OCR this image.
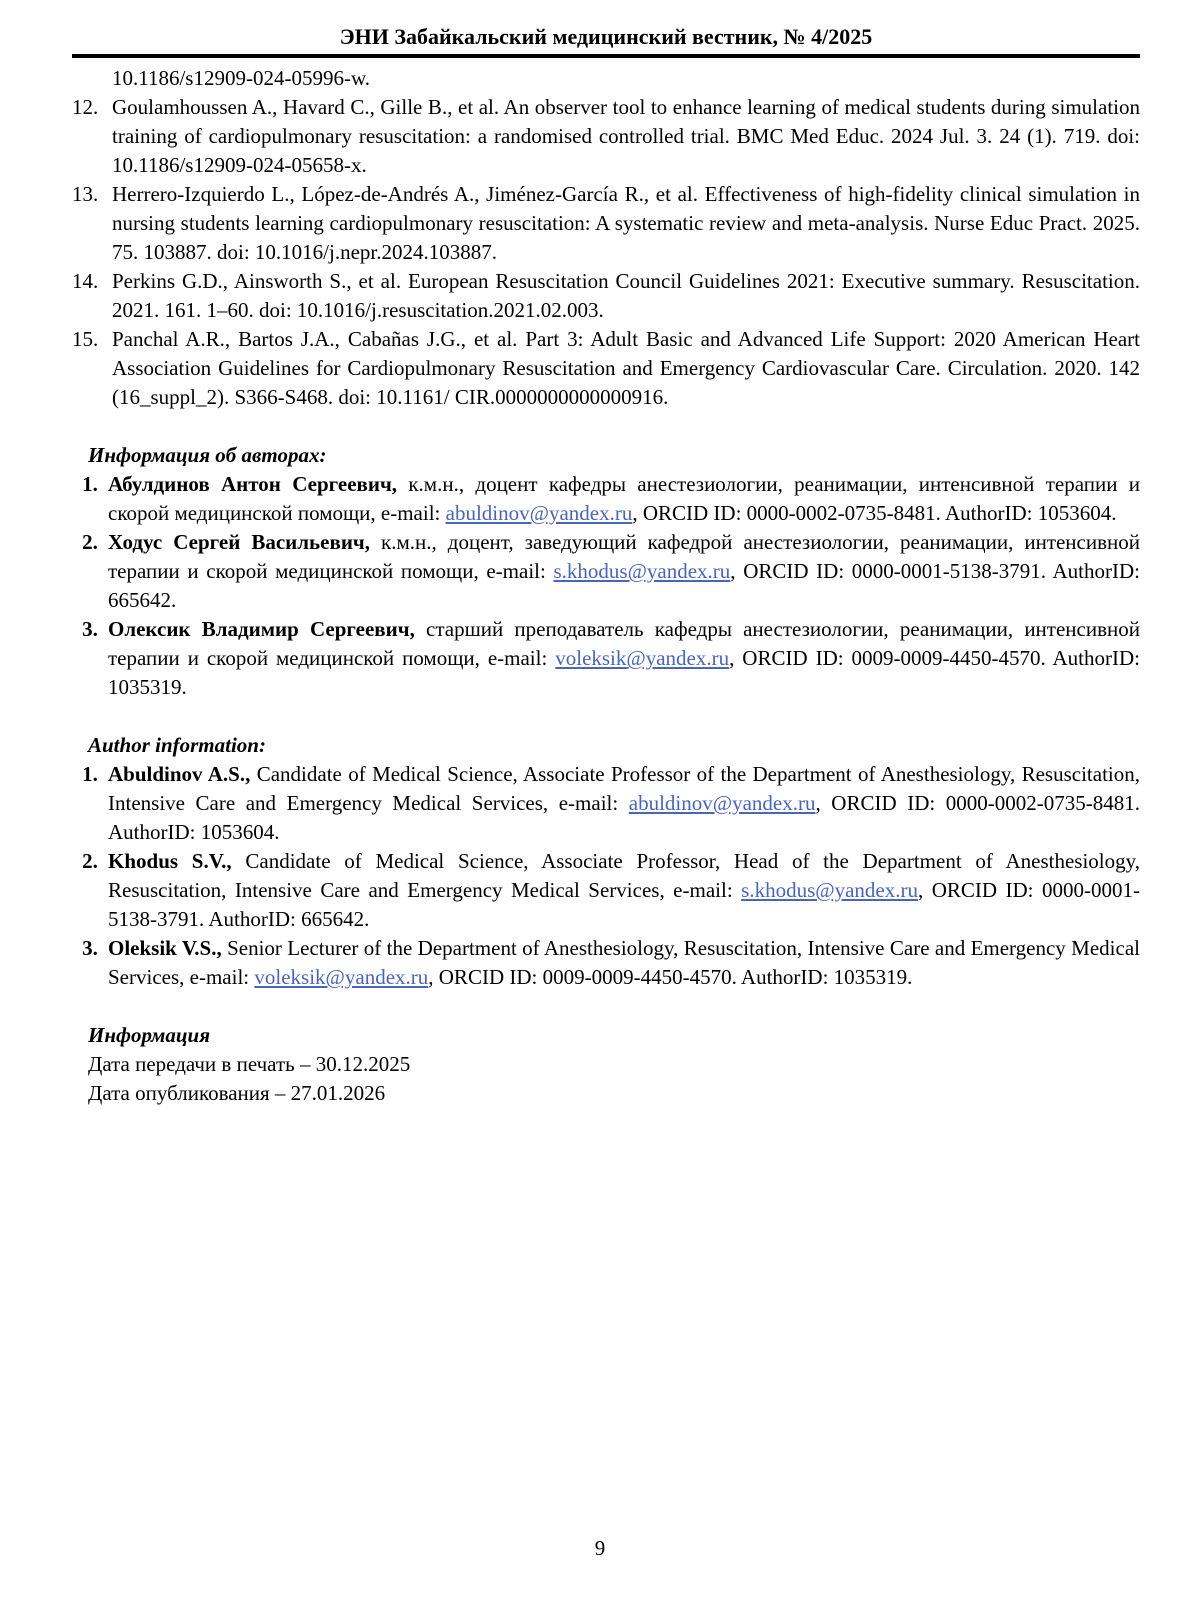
ЭНИ Забайкальский медицинский вестник, № 4/2025
10.1186/s12909-024-05996-w.
12. Goulamhoussen A., Havard C., Gille B., et al. An observer tool to enhance learning of medical students during simulation training of cardiopulmonary resuscitation: a randomised controlled trial. BMC Med Educ. 2024 Jul. 3. 24 (1). 719. doi: 10.1186/s12909-024-05658-x.
13. Herrero-Izquierdo L., López-de-Andrés A., Jiménez-García R., et al. Effectiveness of high-fidelity clinical simulation in nursing students learning cardiopulmonary resuscitation: A systematic review and meta-analysis. Nurse Educ Pract. 2025. 75. 103887. doi: 10.1016/j.nepr.2024.103887.
14. Perkins G.D., Ainsworth S., et al. European Resuscitation Council Guidelines 2021: Executive summary. Resuscitation. 2021. 161. 1–60. doi: 10.1016/j.resuscitation.2021.02.003.
15. Panchal A.R., Bartos J.A., Cabañas J.G., et al. Part 3: Adult Basic and Advanced Life Support: 2020 American Heart Association Guidelines for Cardiopulmonary Resuscitation and Emergency Cardiovascular Care. Circulation. 2020. 142 (16_suppl_2). S366-S468. doi: 10.1161/ CIR.0000000000000916.
Информация об авторах:
1. Абулдинов Антон Сергеевич, к.м.н., доцент кафедры анестезиологии, реанимации, интенсивной терапии и скорой медицинской помощи, e-mail: abuldinov@yandex.ru, ORCID ID: 0000-0002-0735-8481. AuthorID: 1053604.
2. Ходус Сергей Васильевич, к.м.н., доцент, заведующий кафедрой анестезиологии, реанимации, интенсивной терапии и скорой медицинской помощи, e-mail: s.khodus@yandex.ru, ORCID ID: 0000-0001-5138-3791. AuthorID: 665642.
3. Олексик Владимир Сергеевич, старший преподаватель кафедры анестезиологии, реанимации, интенсивной терапии и скорой медицинской помощи, e-mail: voleksik@yandex.ru, ORCID ID: 0009-0009-4450-4570. AuthorID: 1035319.
Author information:
1. Abuldinov A.S., Candidate of Medical Science, Associate Professor of the Department of Anesthesiology, Resuscitation, Intensive Care and Emergency Medical Services, e-mail: abuldinov@yandex.ru, ORCID ID: 0000-0002-0735-8481. AuthorID: 1053604.
2. Khodus S.V., Candidate of Medical Science, Associate Professor, Head of the Department of Anesthesiology, Resuscitation, Intensive Care and Emergency Medical Services, e-mail: s.khodus@yandex.ru, ORCID ID: 0000-0001-5138-3791. AuthorID: 665642.
3. Oleksik V.S., Senior Lecturer of the Department of Anesthesiology, Resuscitation, Intensive Care and Emergency Medical Services, e-mail: voleksik@yandex.ru, ORCID ID: 0009-0009-4450-4570. AuthorID: 1035319.
Информация
Дата передачи в печать – 30.12.2025
Дата опубликования – 27.01.2026
9
